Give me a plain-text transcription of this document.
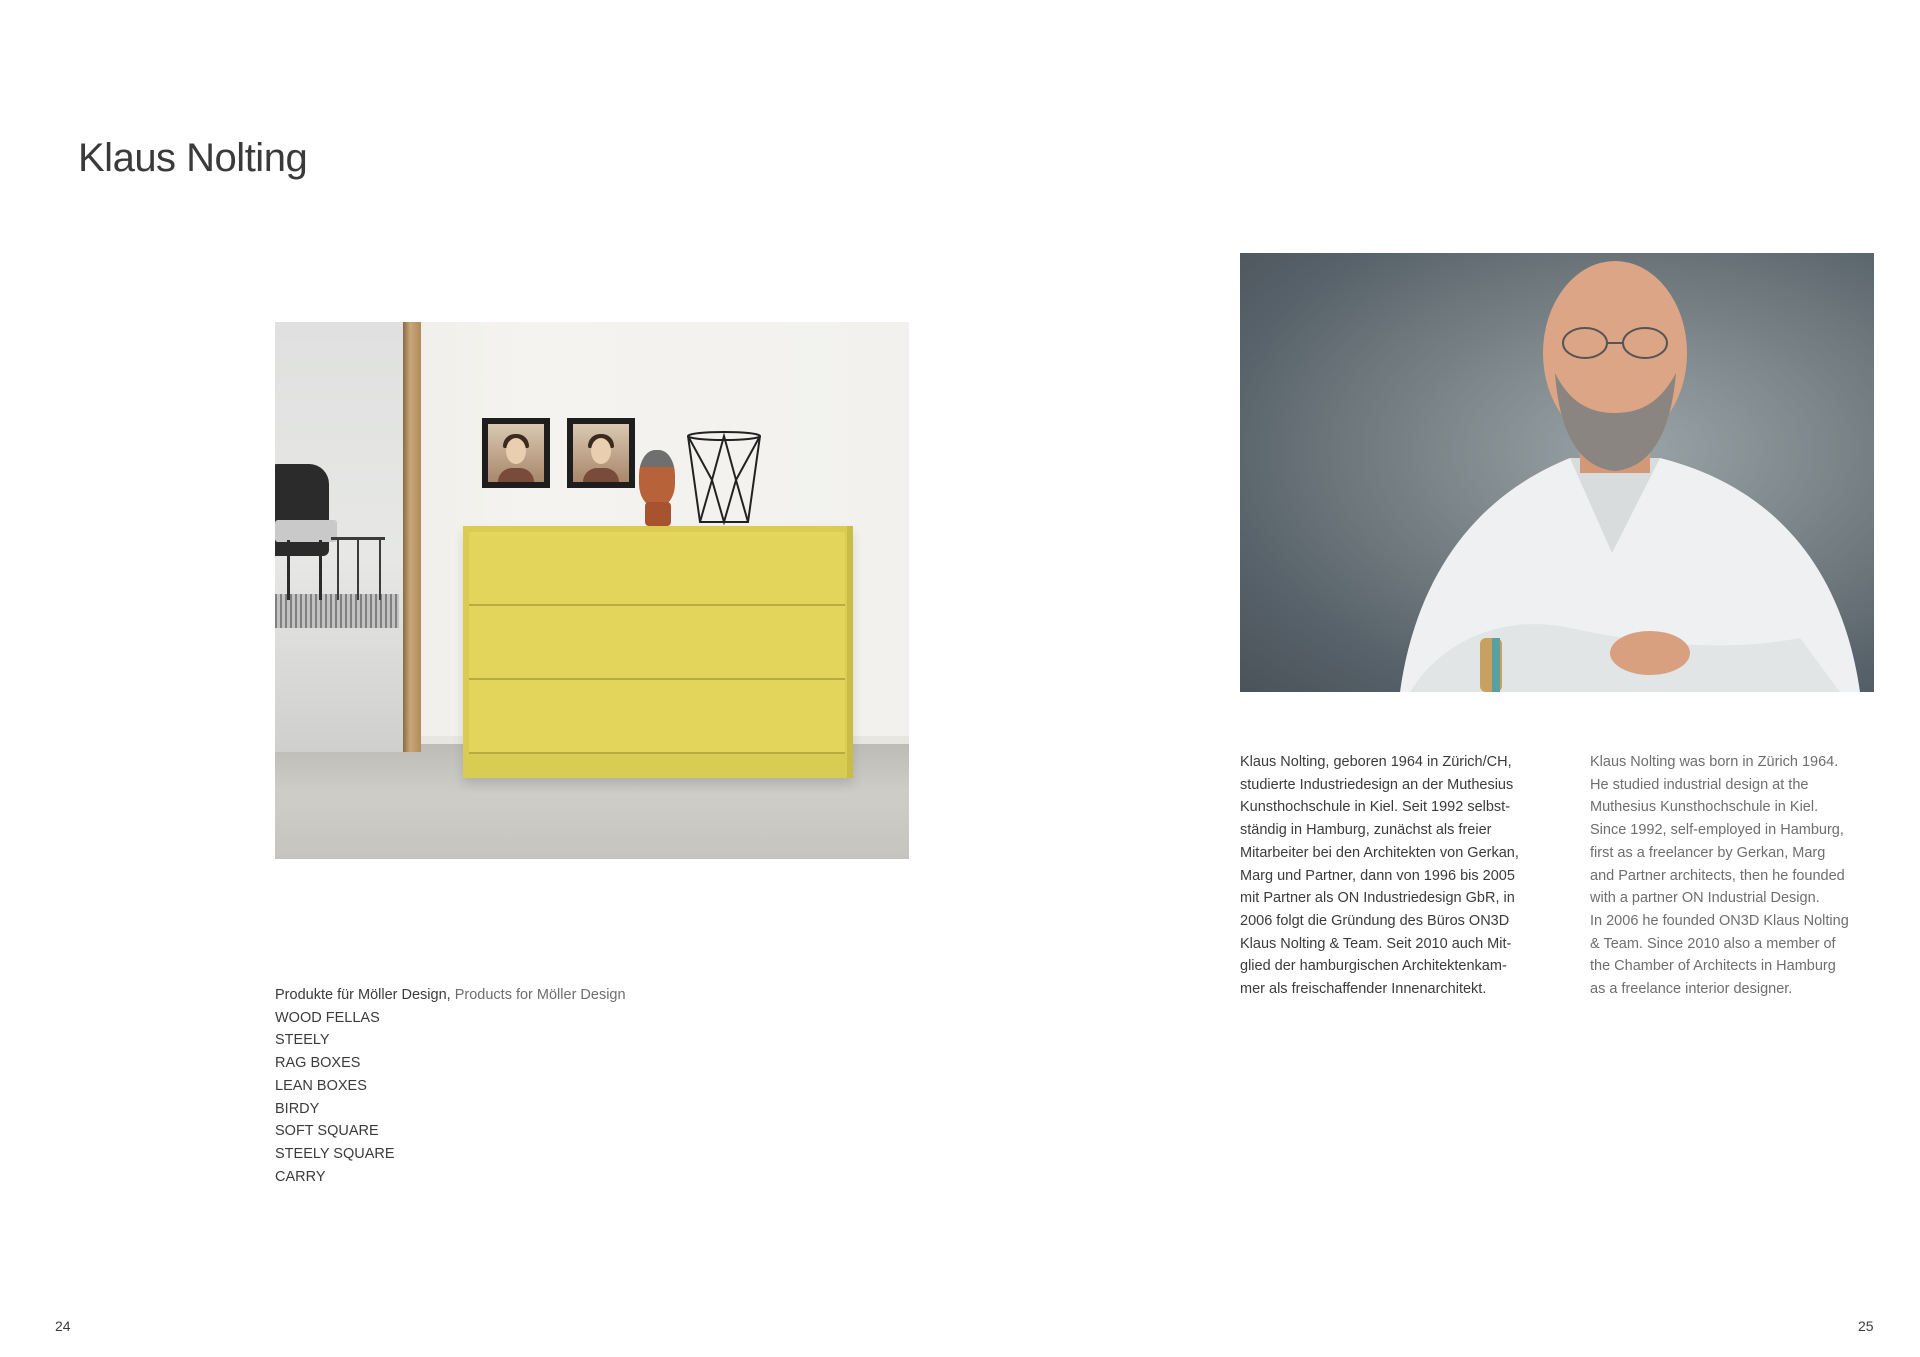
Klaus Nolting

Produkte für Möller Design, Products for Möller Design

WOOD FELLAS
STEELY
RAG BOXES
LEAN BOXES
BIRDY
SOFT SQUARE
STEELY SQUARE
CARRY

Klaus Nolting, geboren 1964 in Zürich/CH,
studierte Industriedesign an der Muthesius
Kunsthochschule in Kiel. Seit 1992 selbst-
ständig in Hamburg, zunächst als freier
Mitarbeiter bei den Architekten von Gerkan,
Marg und Partner, dann von 1996 bis 2005
mit Partner als ON Industriedesign GbR, in
2006 folgt die Gründung des Büros ON3D
Klaus Nolting & Team. Seit 2010 auch Mit-
glied der hamburgischen Architektenkam-
mer als freischaffender Innenarchitekt.

Klaus Nolting was born in Zürich 1964.
He studied industrial design at the
Muthesius Kunsthochschule in Kiel.
Since 1992, self-employed in Hamburg,
first as a freelancer by Gerkan, Marg
and Partner architects, then he founded
with a partner ON Industrial Design.
In 2006 he founded ON3D Klaus Nolting
& Team. Since 2010 also a member of
the Chamber of Architects in Hamburg
as a freelance interior designer.

24	25
